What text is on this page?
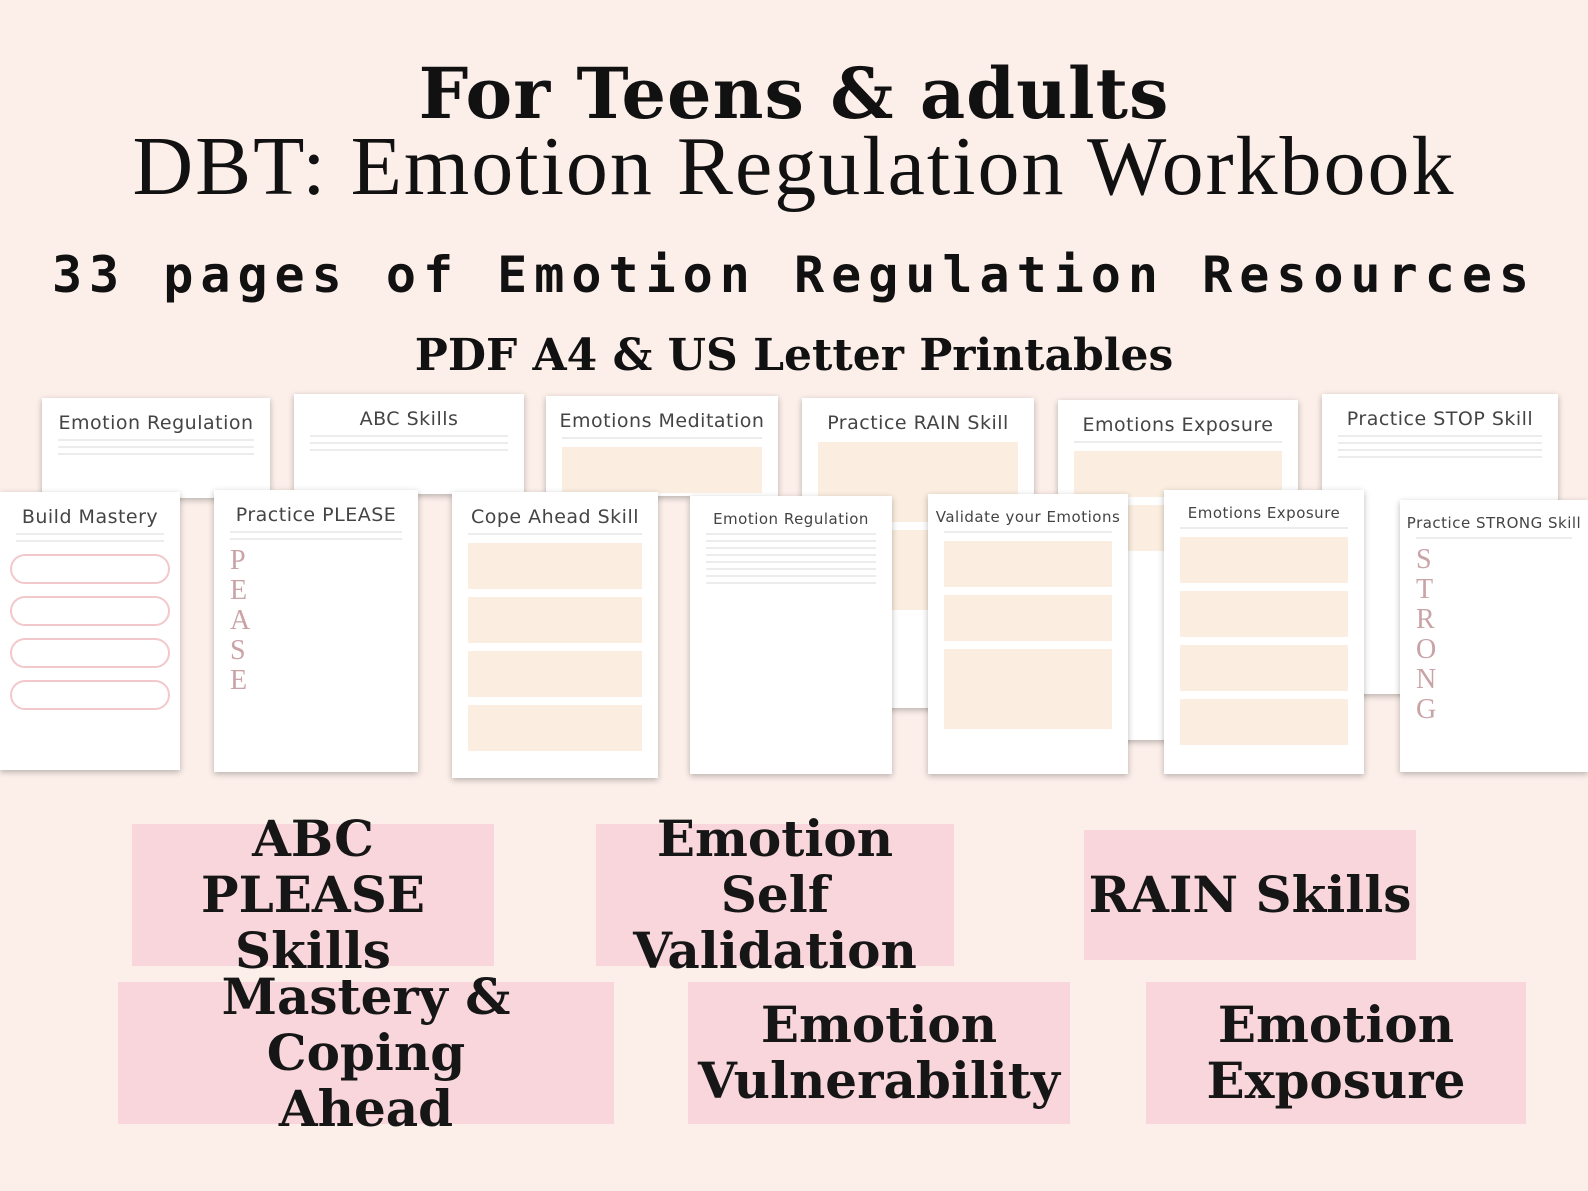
For Teens & adults
DBT: Emotion Regulation Workbook
33 pages of Emotion Regulation Resources
PDF A4 & US Letter Printables
Emotion Regulation	ABC Skills	Emotions Meditation	Practice RAIN Skill	Emotions Exposure	Practice STOP Skill
Build Mastery	Practice PLEASE
P
E
A
S
E
Cope Ahead Skill	Emotion Regulation	Validate your Emotions	Emotions Exposure
Practice STRONG Skill
S
T
R
O
N
G
ABC PLEASE
Skills
Emotion Self
Validation
RAIN Skills
Mastery & Coping
Ahead
Emotion
Vulnerability
Emotion
Exposure
